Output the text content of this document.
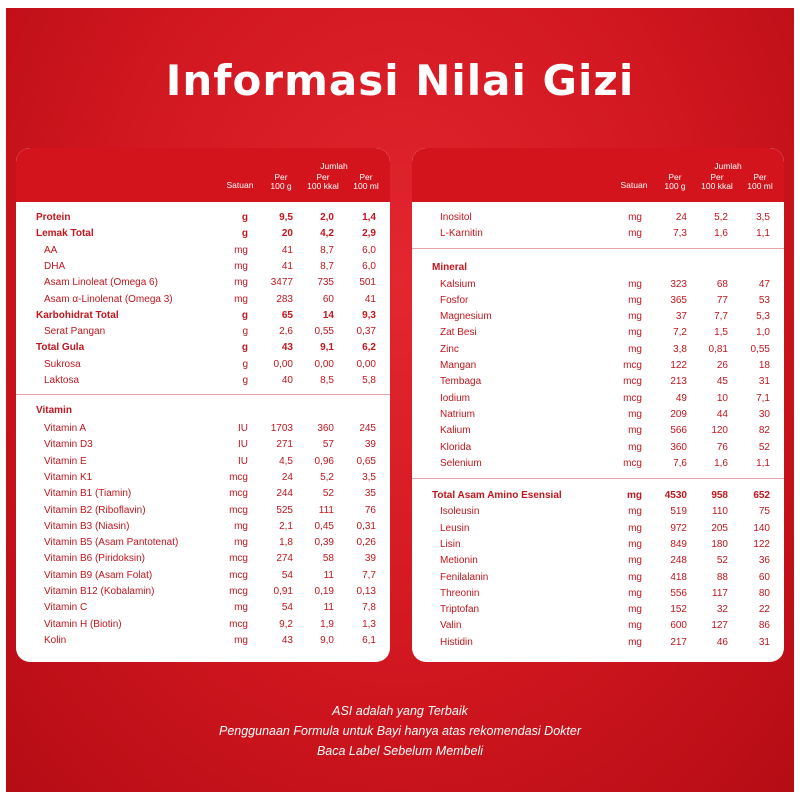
Informasi Nilai Gizi
Jumlah
Satuan
Per
100 g
Per
100 kkal
Per
100 ml
Protein	g	9,5	2,0	1,4
Lemak Total	g	20	4,2	2,9
AA	mg	41	8,7	6,0
DHA	mg	41	8,7	6,0
Asam Linoleat (Omega 6)	mg	3477	735	501
Asam α-Linolenat (Omega 3)	mg	283	60	41
Karbohidrat Total	g	65	14	9,3
Serat Pangan	g	2,6	0,55	0,37
Total Gula	g	43	9,1	6,2
Sukrosa	g	0,00	0,00	0,00
Laktosa	g	40	8,5	5,8
Vitamin
Vitamin A	IU	1703	360	245
Vitamin D3	IU	271	57	39
Vitamin E	IU	4,5	0,96	0,65
Vitamin K1	mcg	24	5,2	3,5
Vitamin B1 (Tiamin)	mcg	244	52	35
Vitamin B2 (Riboflavin)	mcg	525	111	76
Vitamin B3 (Niasin)	mg	2,1	0,45	0,31
Vitamin B5 (Asam Pantotenat)	mg	1,8	0,39	0,26
Vitamin B6 (Piridoksin)	mcg	274	58	39
Vitamin B9 (Asam Folat)	mcg	54	11	7,7
Vitamin B12 (Kobalamin)	mcg	0,91	0,19	0,13
Vitamin C	mg	54	11	7,8
Vitamin H (Biotin)	mcg	9,2	1,9	1,3
Kolin	mg	43	9,0	6,1
Jumlah
Satuan
Per
100 g
Per
100 kkal
Per
100 ml
Inositol	mg	24	5,2	3,5
L-Karnitin	mg	7,3	1,6	1,1
Mineral
Kalsium	mg	323	68	47
Fosfor	mg	365	77	53
Magnesium	mg	37	7,7	5,3
Zat Besi	mg	7,2	1,5	1,0
Zinc	mg	3,8	0,81	0,55
Mangan	mcg	122	26	18
Tembaga	mcg	213	45	31
Iodium	mcg	49	10	7,1
Natrium	mg	209	44	30
Kalium	mg	566	120	82
Klorida	mg	360	76	52
Selenium	mcg	7,6	1,6	1,1
Total Asam Amino Esensial	mg	4530	958	652
Isoleusin	mg	519	110	75
Leusin	mg	972	205	140
Lisin	mg	849	180	122
Metionin	mg	248	52	36
Fenilalanin	mg	418	88	60
Threonin	mg	556	117	80
Triptofan	mg	152	32	22
Valin	mg	600	127	86
Histidin	mg	217	46	31
ASI adalah yang Terbaik
Penggunaan Formula untuk Bayi hanya atas rekomendasi Dokter
Baca Label Sebelum Membeli
